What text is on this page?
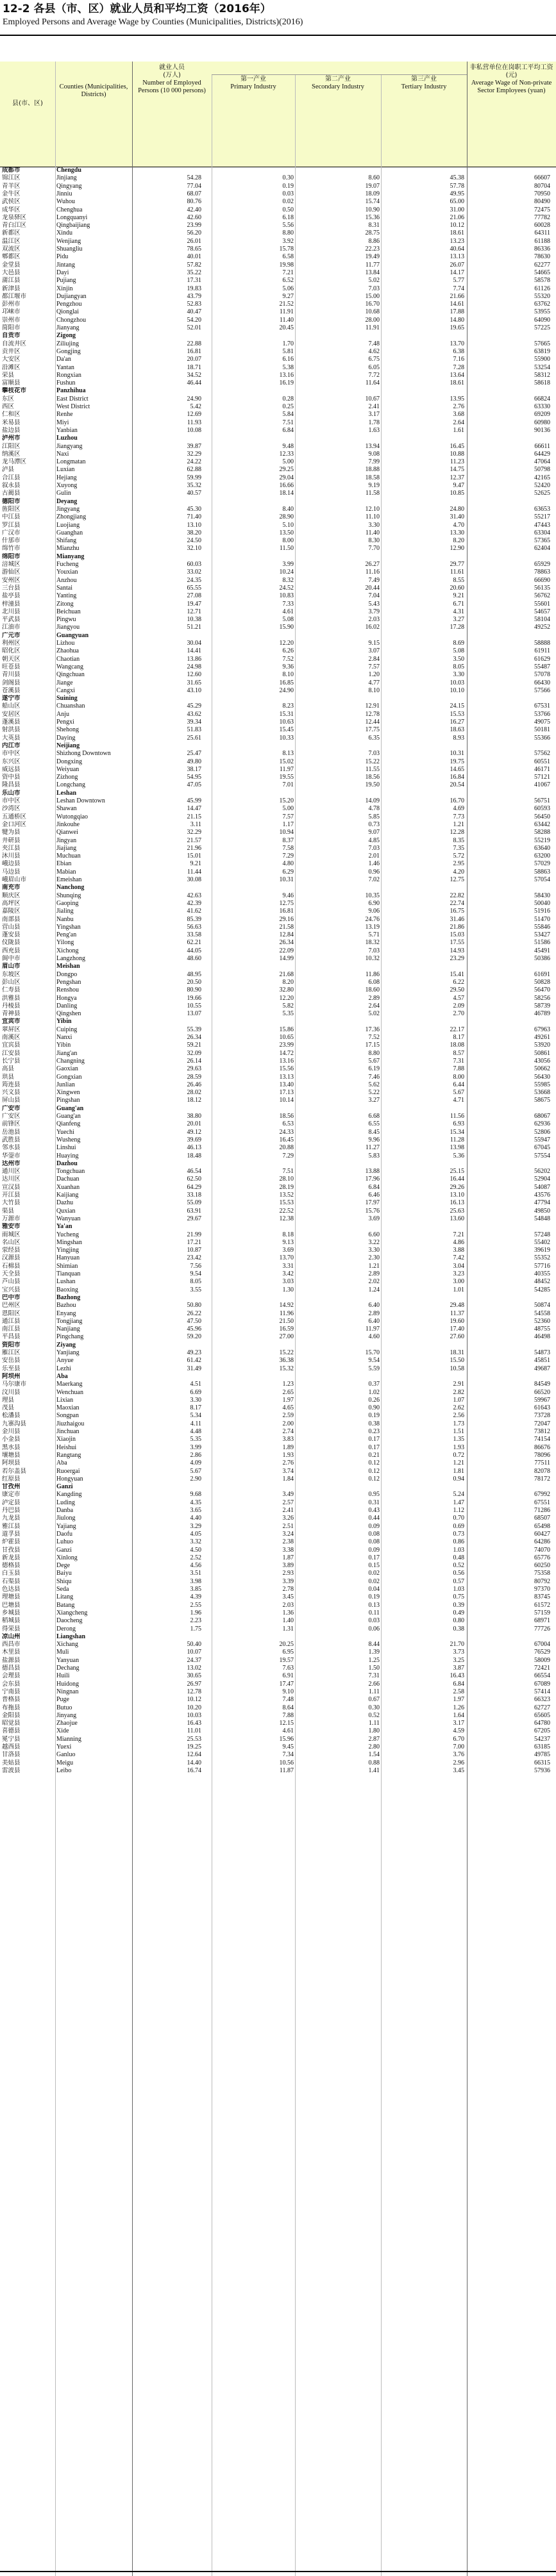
12-2 各县（市、区）就业人员和平均工资（2016年）
Employed Persons and Average Wage by Counties (Municipalities, Districts)(2016)
县(市、区)
Counties (Municipalities, Districts)
就业人员
(万人)
Number of Employed Persons (10 000 persons)
第一产业
Primary Industry
第二产业
Secondary Industry
第三产业
Tertiary Industry
非私营单位在岗职工平均工资(元)
Average Wage of Non-private Sector Employees (yuan)
成都市	Chengdu
锦江区	Jinjiang	54.28	0.30	8.60	45.38	66607
青羊区	Qingyang	77.04	0.19	19.07	57.78	80704
金牛区	Jinniu	68.07	0.03	18.09	49.95	70950
武侯区	Wuhou	80.76	0.02	15.74	65.00	80490
成华区	Chenghua	42.40	0.50	10.90	31.00	72475
龙泉驿区	Longquanyi	42.60	6.18	15.36	21.06	77782
青白江区	Qingbaijiang	23.99	5.56	8.31	10.12	60028
新都区	Xindu	56.20	8.80	28.75	18.61	64311
温江区	Wenjiang	26.01	3.92	8.86	13.23	61188
双流区	Shuangliu	78.65	15.78	22.23	40.64	86336
郫都区	Pidu	40.01	6.58	19.49	13.13	78630
金堂县	Jintang	57.82	19.98	11.77	26.07	62277
大邑县	Dayi	35.22	7.21	13.84	14.17	54665
蒲江县	Pujiang	17.31	6.52	5.02	5.77	58578
新津县	Xinjin	19.83	5.06	7.03	7.74	61126
都江堰市	Dujiangyan	43.79	9.27	15.00	21.66	55320
彭州市	Pengzhou	52.83	21.52	16.70	14.61	63762
邛崃市	Qionglai	40.47	11.91	10.68	17.88	53955
崇州市	Chongzhou	54.20	11.40	28.00	14.80	64090
简阳市	Jianyang	52.01	20.45	11.91	19.65	57225
自贡市	Zigong
自流井区	Ziliujing	22.88	1.70	7.48	13.70	57665
贡井区	Gongjing	16.81	5.81	4.62	6.38	63819
大安区	Da'an	20.07	6.16	6.75	7.16	55900
沿滩区	Yantan	18.71	5.38	6.05	7.28	53254
荣县	Rongxian	34.52	13.16	7.72	13.64	58312
富顺县	Fushun	46.44	16.19	11.64	18.61	58618
攀枝花市	Panzhihua
东区	East District	24.90	0.28	10.67	13.95	66824
西区	West District	5.42	0.25	2.41	2.76	63330
仁和区	Renhe	12.69	5.84	3.17	3.68	69209
米易县	Miyi	11.93	7.51	1.78	2.64	60980
盐边县	Yanbian	10.08	6.84	1.63	1.61	90136
泸州市	Luzhou
江阳区	Jiangyang	39.87	9.48	13.94	16.45	66611
纳溪区	Naxi	32.29	12.33	9.08	10.88	64429
龙马潭区	Longmatan	24.22	5.00	7.99	11.23	47064
泸县	Luxian	62.88	29.25	18.88	14.75	50798
合江县	Hejiang	59.99	29.04	18.58	12.37	42165
叙永县	Xuyong	35.32	16.66	9.19	9.47	52420
古蔺县	Gulin	40.57	18.14	11.58	10.85	52625
德阳市	Deyang
旌阳区	Jingyang	45.30	8.40	12.10	24.80	63653
中江县	Zhongjiang	71.40	28.90	11.10	31.40	55217
罗江县	Luojiang	13.10	5.10	3.30	4.70	47443
广汉市	Guanghan	38.20	13.50	11.40	13.30	63304
什邡市	Shifang	24.50	8.00	8.30	8.20	57365
绵竹市	Mianzhu	32.10	11.50	7.70	12.90	62404
绵阳市	Mianyang
涪城区	Fucheng	60.03	3.99	26.27	29.77	65929
游仙区	Youxian	33.02	10.24	11.16	11.61	78863
安州区	Anzhou	24.35	8.32	7.49	8.55	66690
三台县	Santai	65.55	24.52	20.44	20.60	56135
盐亭县	Yanting	27.08	10.83	7.04	9.21	56762
梓潼县	Zitong	19.47	7.33	5.43	6.71	55601
北川县	Beichuan	12.71	4.61	3.79	4.31	54657
平武县	Pingwu	10.38	5.08	2.03	3.27	58104
江油市	Jiangyou	51.21	15.90	16.02	17.28	49252
广元市	Guangyuan
利州区	Lizhou	30.04	12.20	9.15	8.69	58888
昭化区	Zhaohua	14.41	6.26	3.07	5.08	61911
朝天区	Chaotian	13.86	7.52	2.84	3.50	61629
旺苍县	Wangcang	24.98	9.36	7.57	8.05	55487
青川县	Qingchuan	12.60	8.10	1.20	3.30	57078
剑阁县	Jiange	31.65	16.85	4.77	10.03	66430
苍溪县	Cangxi	43.10	24.90	8.10	10.10	57566
遂宁市	Suining
船山区	Chuanshan	45.29	8.23	12.91	24.15	67531
安居区	Anju	43.62	15.31	12.78	15.53	53766
蓬溪县	Pengxi	39.34	10.63	12.44	16.27	49075
射洪县	Shehong	51.83	15.45	17.75	18.63	50181
大英县	Daying	25.61	10.33	6.35	8.93	55366
内江市	Neijiang
市中区	Shizhong Downtown	25.47	8.13	7.03	10.31	57562
东兴区	Dongxing	49.80	15.02	15.22	19.75	60551
威远县	Weiyuan	38.17	11.97	11.55	14.65	46171
资中县	Zizhong	54.95	19.55	18.56	16.84	57121
隆昌县	Longchang	47.05	7.01	19.50	20.54	41067
乐山市	Leshan
市中区	Leshan Downtown	45.99	15.20	14.09	16.70	56751
沙湾区	Shawan	14.47	5.00	4.78	4.69	60593
五通桥区	Wutongqiao	21.15	7.57	5.85	7.73	56450
金口河区	Jinkouhe	3.11	1.17	0.73	1.21	63442
犍为县	Qianwei	32.29	10.94	9.07	12.28	58288
井研县	Jingyan	21.57	8.37	4.85	8.35	55219
夹江县	Jiajiang	21.96	7.58	7.03	7.35	63640
沐川县	Muchuan	15.01	7.29	2.01	5.72	63200
峨边县	Ebian	9.21	4.80	1.46	2.95	57029
马边县	Mabian	11.44	6.29	0.96	4.20	58863
峨眉山市	Emeishan	30.08	10.31	7.02	12.75	57054
南充市	Nanchong
顺庆区	Shunqing	42.63	9.46	10.35	22.82	58430
高坪区	Gaoping	42.39	12.75	6.90	22.74	50040
嘉陵区	Jialing	41.62	16.81	9.06	16.75	51916
南部县	Nanbu	85.39	29.16	24.76	31.46	51470
营山县	Yingshan	56.63	21.58	13.19	21.86	55846
蓬安县	Peng'an	33.58	12.84	5.71	15.03	53427
仪陇县	Yilong	62.21	26.34	18.32	17.55	51586
西充县	Xichong	44.05	22.09	7.03	14.93	45491
阆中市	Langzhong	48.60	14.99	10.32	23.29	50386
眉山市	Meishan
东坡区	Dongpo	48.95	21.68	11.86	15.41	61691
彭山区	Pengshan	20.50	8.20	6.08	6.22	50828
仁寿县	Renshou	80.90	32.80	18.60	29.50	56470
洪雅县	Hongya	19.66	12.20	2.89	4.57	58256
丹棱县	Danling	10.55	5.82	2.64	2.09	58739
青神县	Qingshen	13.07	5.35	5.02	2.70	46789
宜宾市	Yibin
翠屏区	Cuiping	55.39	15.86	17.36	22.17	67963
南溪区	Nanxi	26.34	10.65	7.52	8.17	49261
宜宾县	Yibin	59.21	23.99	17.15	18.08	53920
江安县	Jiang'an	32.09	14.72	8.80	8.57	50861
长宁县	Changning	26.14	13.16	5.67	7.31	43056
高县	Gaoxian	29.63	15.56	6.19	7.88	50662
珙县	Gongxian	28.59	13.13	7.46	8.00	56430
筠连县	Junlian	26.46	13.40	5.62	6.44	55985
兴文县	Xingwen	28.02	17.13	5.22	5.67	53668
屏山县	Pingshan	18.12	10.14	3.27	4.71	58675
广安市	Guang'an
广安区	Guang'an	38.80	18.56	6.68	11.56	68067
前锋区	Qianfeng	20.01	6.53	6.55	6.93	62936
岳池县	Yuechi	49.12	24.33	8.45	15.34	52806
武胜县	Wusheng	39.69	16.45	9.96	11.28	55947
邻水县	Linshui	46.13	20.88	11.27	13.98	67045
华蓥市	Huaying	18.48	7.29	5.83	5.36	57554
达州市	Dazhou
通川区	Tongchuan	46.54	7.51	13.88	25.15	56202
达川区	Dachuan	62.50	28.10	17.96	16.44	52904
宣汉县	Xuanhan	64.29	28.19	6.84	29.26	54087
开江县	Kaijiang	33.18	13.52	6.46	13.10	43576
大竹县	Dazhu	55.09	15.53	17.97	16.13	47794
渠县	Quxian	63.91	22.52	15.76	25.63	49850
万源市	Wanyuan	29.67	12.38	3.69	13.60	54848
雅安市	Ya'an
雨城区	Yucheng	21.99	8.18	6.60	7.21	57248
名山区	Mingshan	17.21	9.13	3.22	4.86	55402
荥经县	Yingjing	10.87	3.69	3.30	3.88	39619
汉源县	Hanyuan	23.42	13.70	2.30	7.42	55352
石棉县	Shimian	7.56	3.31	1.21	3.04	57716
天全县	Tianquan	9.54	3.42	2.89	3.23	40355
芦山县	Lushan	8.05	3.03	2.02	3.00	48452
宝兴县	Baoxing	3.55	1.30	1.24	1.01	54285
巴中市	Bazhong
巴州区	Bazhou	50.80	14.92	6.40	29.48	50874
恩阳区	Enyang	26.22	11.96	2.89	11.37	54558
通江县	Tongjiang	47.50	21.50	6.40	19.60	52360
南江县	Nanjiang	45.96	16.59	11.97	17.40	48755
平昌县	Pingchang	59.20	27.00	4.60	27.60	46498
资阳市	Ziyang
雁江区	Yanjiang	49.23	15.22	15.70	18.31	54873
安岳县	Anyue	61.42	36.38	9.54	15.50	45851
乐至县	Lezhi	31.49	15.32	5.59	10.58	49687
阿坝州	Aba
马尔康市	Maerkang	4.51	1.23	0.37	2.91	84549
汶川县	Wenchuan	6.69	2.65	1.02	2.82	66520
理县	Lixian	3.30	1.97	0.26	1.07	59967
茂县	Maoxian	8.17	4.65	0.90	2.62	61643
松潘县	Songpan	5.34	2.59	0.19	2.56	73728
九寨沟县	Jiuzhaigou	4.11	2.00	0.38	1.73	72047
金川县	Jinchuan	4.48	2.74	0.23	1.51	73812
小金县	Xiaojin	5.35	3.83	0.17	1.35	74154
黑水县	Heishui	3.99	1.89	0.17	1.93	86676
壤塘县	Rangtang	2.86	1.93	0.21	0.72	78096
阿坝县	Aba	4.09	2.76	0.12	1.21	77511
若尔盖县	Ruoergai	5.67	3.74	0.12	1.81	82078
红原县	Hongyuan	2.90	1.84	0.12	0.94	78172
甘孜州	Ganzi
康定市	Kangding	9.68	3.49	0.95	5.24	67992
泸定县	Luding	4.35	2.57	0.31	1.47	67551
丹巴县	Danba	3.65	2.41	0.43	1.12	71286
九龙县	Jiulong	4.40	3.26	0.44	0.70	68507
雅江县	Yajiang	3.29	2.51	0.09	0.69	65498
道孚县	Daofu	4.05	3.24	0.08	0.73	60427
炉霍县	Luhuo	3.32	2.38	0.08	0.86	64286
甘孜县	Ganzi	4.50	3.38	0.09	1.03	74070
新龙县	Xinlong	2.52	1.87	0.17	0.48	65776
德格县	Dege	4.56	3.89	0.15	0.52	60250
白玉县	Baiyu	3.51	2.93	0.02	0.56	75358
石渠县	Shiqu	3.98	3.39	0.02	0.57	80792
色达县	Seda	3.85	2.78	0.04	1.03	97370
理塘县	Litang	4.39	3.45	0.19	0.75	83745
巴塘县	Batang	2.55	2.03	0.13	0.39	61572
乡城县	Xiangcheng	1.96	1.36	0.11	0.49	57159
稻城县	Daocheng	2.23	1.40	0.03	0.80	68971
得荣县	Derong	1.75	1.31	0.06	0.38	77726
凉山州	Liangshan
西昌市	Xichang	50.40	20.25	8.44	21.70	67004
木里县	Muli	10.07	6.95	1.39	3.73	76529
盐源县	Yanyuan	24.37	19.57	1.25	3.25	58009
德昌县	Dechang	13.02	7.63	1.50	3.87	72421
会理县	Huili	30.65	6.91	7.31	16.43	66554
会东县	Huidong	26.97	17.47	2.66	6.84	67089
宁南县	Ningnan	12.78	9.10	1.11	2.58	57414
普格县	Puge	10.12	7.48	0.67	1.97	66323
布拖县	Butuo	10.20	8.64	0.30	1.26	62727
金阳县	Jinyang	10.03	7.88	0.52	1.64	65605
昭觉县	Zhaojue	16.43	12.15	1.11	3.17	64780
喜德县	Xide	11.01	4.61	1.80	4.59	67205
冕宁县	Mianning	25.53	15.96	2.87	6.70	54237
越西县	Yuexi	19.25	9.45	2.80	7.00	63185
甘洛县	Ganluo	12.64	7.34	1.54	3.76	49785
美姑县	Meigu	14.40	10.56	0.88	2.96	66315
雷波县	Leibo	16.74	11.87	1.41	3.45	57936
